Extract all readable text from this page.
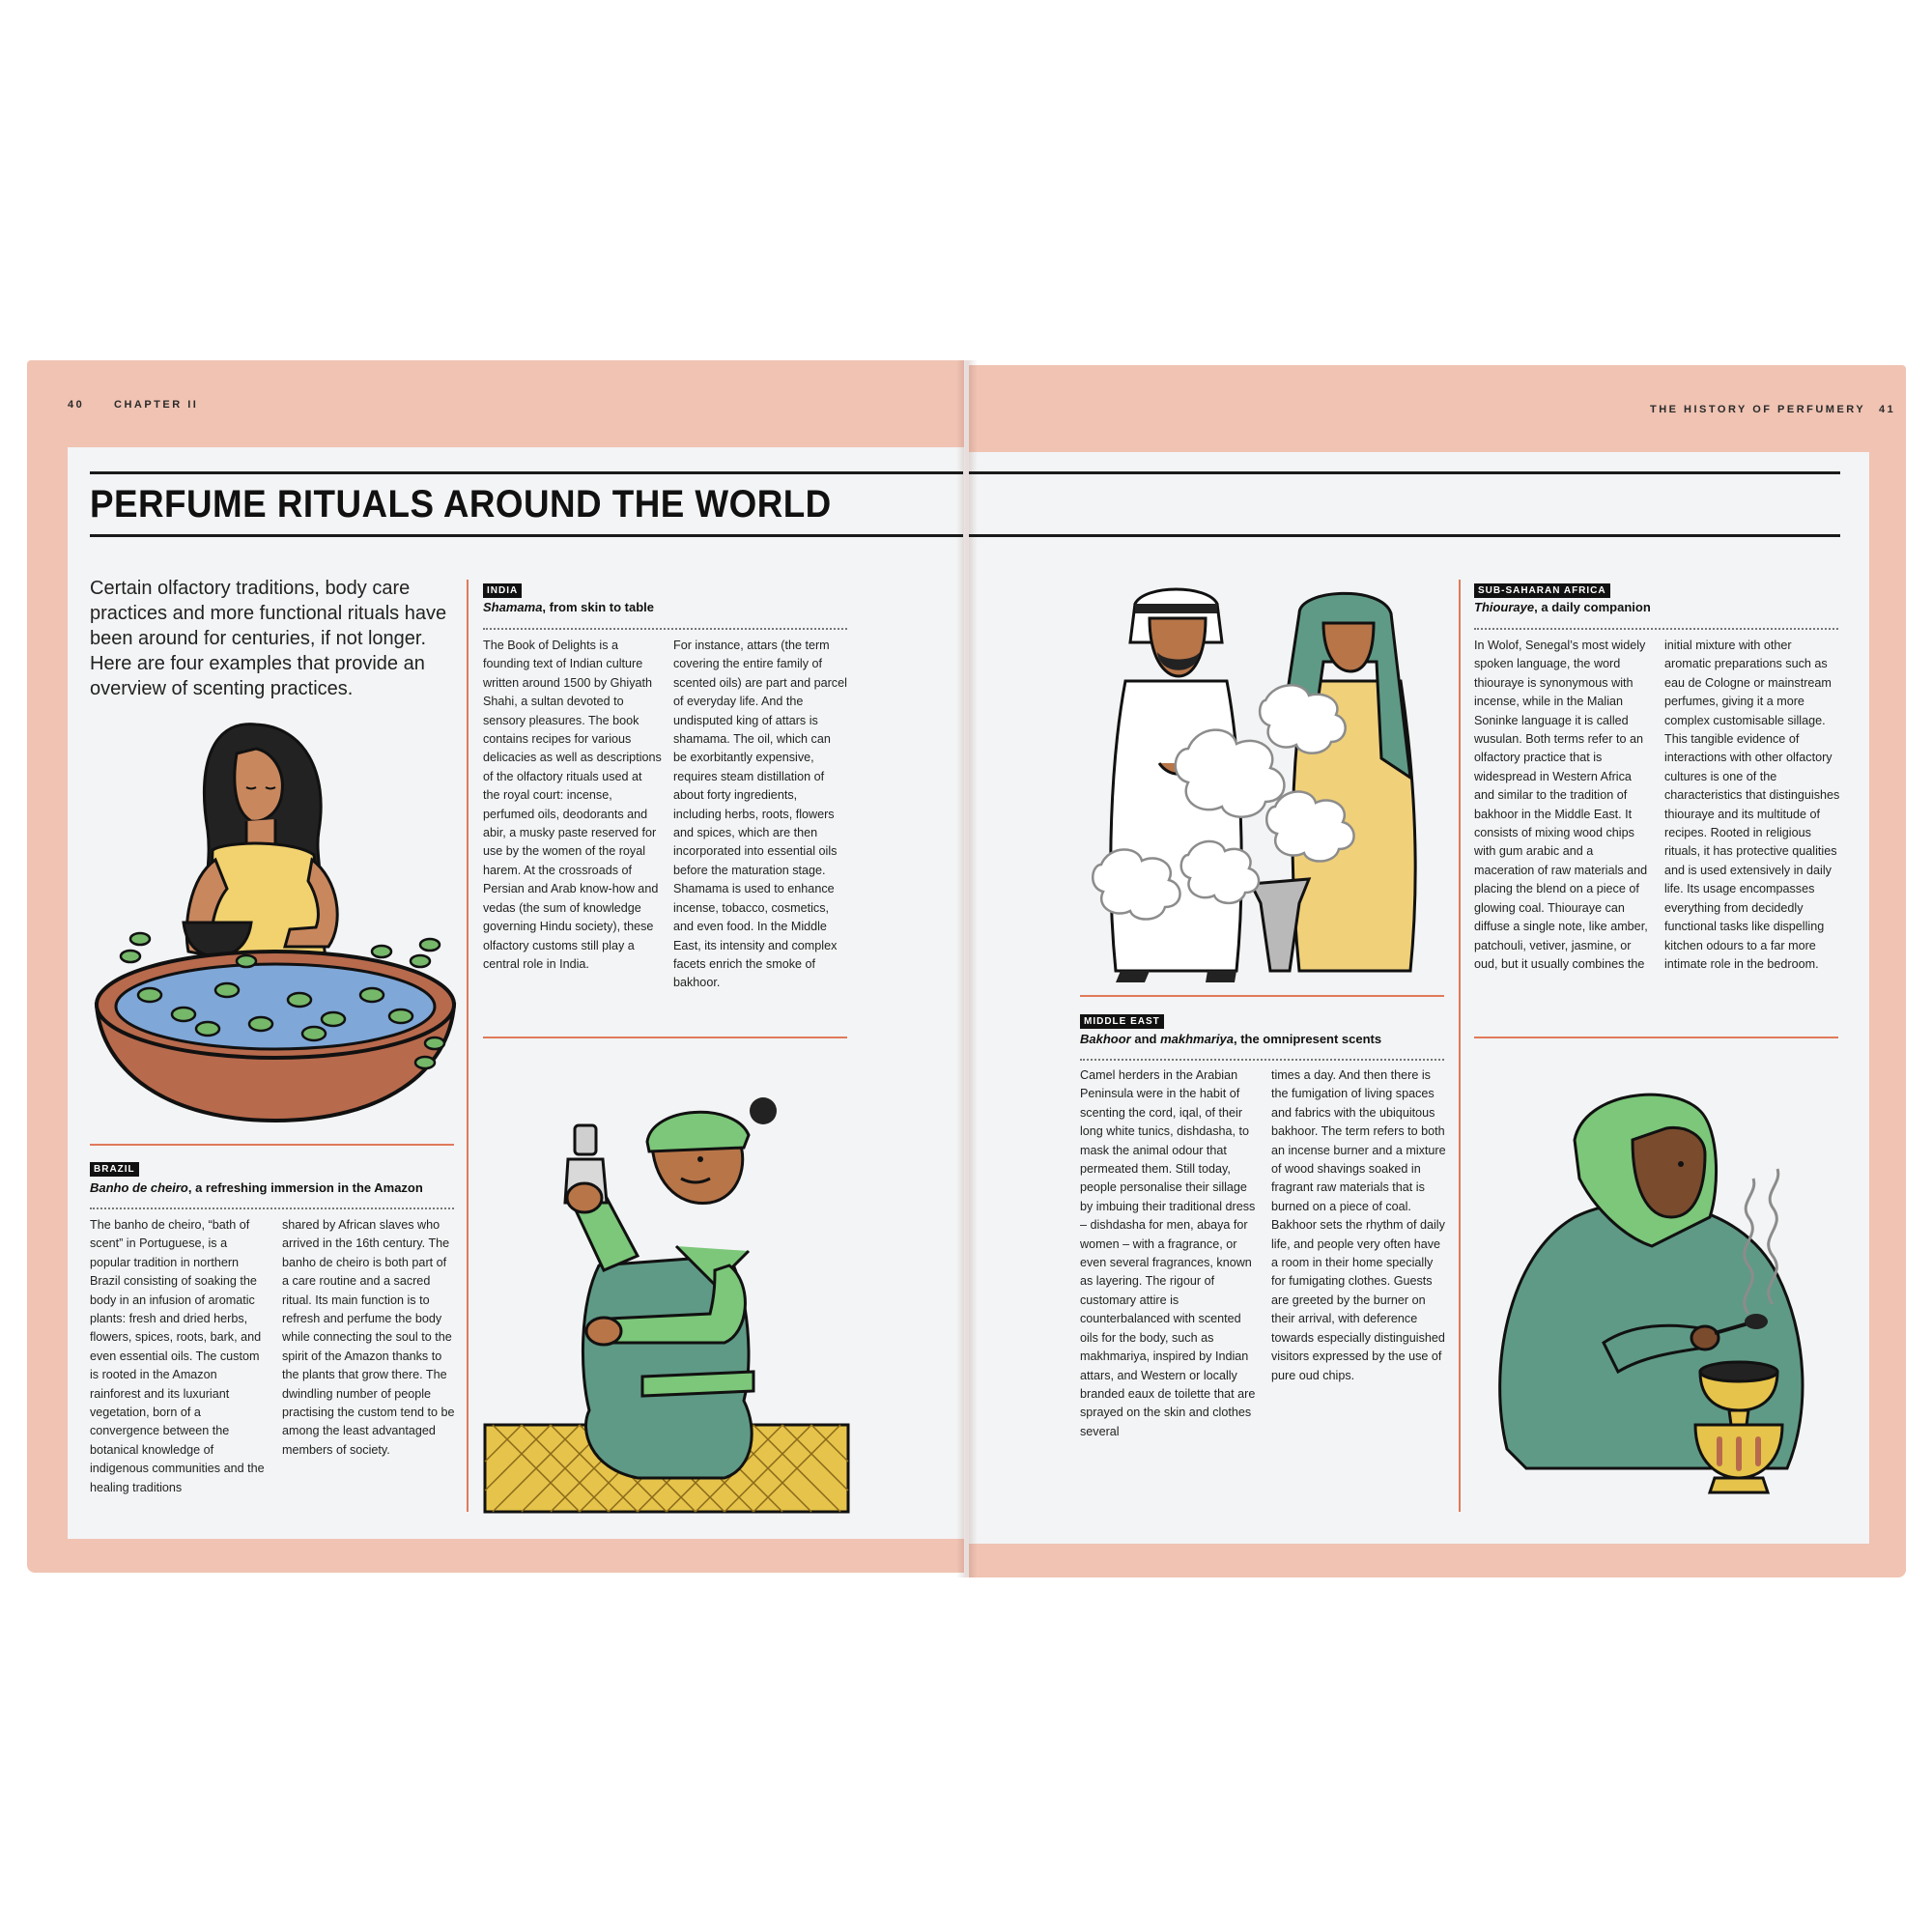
40	CHAPTER II	THE HISTORY OF PERFUMERY 41
PERFUME RITUALS AROUND THE WORLD
Certain olfactory traditions, body care practices and more functional rituals have been around for centuries, if not longer. Here are four examples that provide an overview of scenting practices.
INDIA
Shamama, from skin to table
The Book of Delights is a founding text of Indian culture written around 1500 by Ghiyath Shahi, a sultan devoted to sensory pleasures. The book contains recipes for various delicacies as well as descriptions of the olfactory rituals used at the royal court: incense, perfumed oils, deodorants and abir, a musky paste reserved for use by the women of the royal harem. At the crossroads of Persian and Arab know-how and vedas (the sum of knowledge governing Hindu society), these olfactory customs still play a central role in India.
For instance, attars (the term covering the entire family of scented oils) are part and parcel of everyday life. And the undisputed king of attars is shamama. The oil, which can be exorbitantly expensive, requires steam distillation of about forty ingredients, including herbs, roots, flowers and spices, which are then incorporated into essential oils before the maturation stage. Shamama is used to enhance incense, tobacco, cosmetics, and even food. In the Middle East, its intensity and complex facets enrich the smoke of bakhoor.
BRAZIL
Banho de cheiro, a refreshing immersion in the Amazon
The banho de cheiro, “bath of scent” in Portuguese, is a popular tradition in northern Brazil consisting of soaking the body in an infusion of aromatic plants: fresh and dried herbs, flowers, spices, roots, bark, and even essential oils. The custom is rooted in the Amazon rainforest and its luxuriant vegetation, born of a convergence between the botanical knowledge of indigenous communities and the healing traditions
shared by African slaves who arrived in the 16th century. The banho de cheiro is both part of a care routine and a sacred ritual. Its main function is to refresh and perfume the body while connecting the soul to the spirit of the Amazon thanks to the plants that grow there. The dwindling number of people practising the custom tend to be among the least advantaged members of society.
MIDDLE EAST
Bakhoor and makhmariya, the omnipresent scents
Camel herders in the Arabian Peninsula were in the habit of scenting the cord, iqal, of their long white tunics, dishdasha, to mask the animal odour that permeated them. Still today, people personalise their sillage by imbuing their traditional dress – dishdasha for men, abaya for women – with a fragrance, or even several fragrances, known as layering. The rigour of customary attire is counterbalanced with scented oils for the body, such as makhmariya, inspired by Indian attars, and Western or locally branded eaux de toilette that are sprayed on the skin and clothes several
times a day. And then there is the fumigation of living spaces and fabrics with the ubiquitous bakhoor. The term refers to both an incense burner and a mixture of wood shavings soaked in fragrant raw materials that is burned on a piece of coal. Bakhoor sets the rhythm of daily life, and people very often have a room in their home specially for fumigating clothes. Guests are greeted by the burner on their arrival, with deference towards especially distinguished visitors expressed by the use of pure oud chips.
SUB-SAHARAN AFRICA
Thiouraye, a daily companion
In Wolof, Senegal’s most widely spoken language, the word thiouraye is synonymous with incense, while in the Malian Soninke language it is called wusulan. Both terms refer to an olfactory practice that is widespread in Western Africa and similar to the tradition of bakhoor in the Middle East. It consists of mixing wood chips with gum arabic and a maceration of raw materials and placing the blend on a piece of glowing coal. Thiouraye can diffuse a single note, like amber, patchouli, vetiver, jasmine, or oud, but it usually combines the
initial mixture with other aromatic preparations such as eau de Cologne or mainstream perfumes, giving it a more complex customisable sillage. This tangible evidence of interactions with other olfactory cultures is one of the characteristics that distinguishes thiouraye and its multitude of recipes. Rooted in religious rituals, it has protective qualities and is used extensively in daily life. Its usage encompasses everything from decidedly functional tasks like dispelling kitchen odours to a far more intimate role in the bedroom.
